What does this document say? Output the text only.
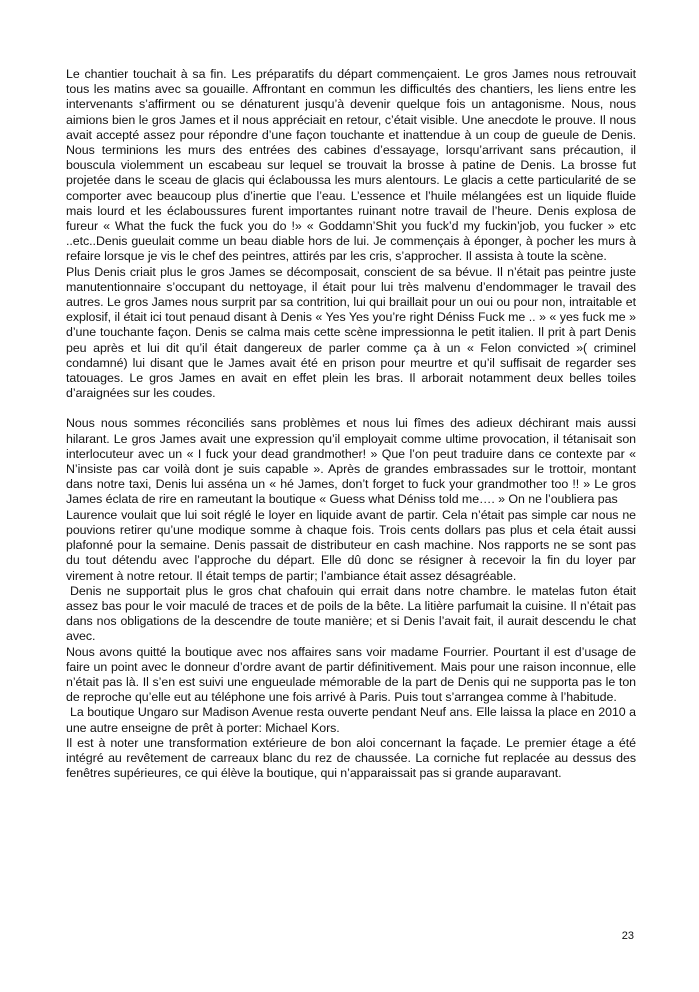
Le chantier touchait à sa fin. Les préparatifs du départ commençaient. Le gros James nous retrouvait tous les matins avec sa gouaille. Affrontant en commun les difficultés des chantiers, les liens entre les intervenants s’affirment ou se dénaturent jusqu’à devenir quelque fois un antagonisme. Nous, nous aimions bien le gros James et il nous appréciait en retour, c’était visible. Une anecdote le prouve. Il nous avait accepté assez pour répondre d’une façon touchante et inattendue à un coup de gueule de Denis. Nous terminions les murs des entrées des cabines d’essayage, lorsqu’arrivant sans précaution, il bouscula violemment un escabeau sur lequel se trouvait la brosse à patine de Denis. La brosse fut projetée dans le sceau de glacis qui éclaboussa les murs alentours. Le glacis a cette particularité de se comporter avec beaucoup plus d’inertie que l’eau. L’essence et l’huile mélangées est un liquide fluide mais lourd et les éclaboussures furent importantes ruinant notre travail de l’heure. Denis explosa de fureur « What the fuck the fuck you do !» « Goddamn’Shit you fuck’d my fuckin’job, you fucker » etc ..etc..Denis gueulait comme un beau diable hors de lui. Je commençais à éponger, à pocher les murs à refaire lorsque je vis le chef des peintres, attirés par les cris, s’approcher. Il assista à toute la scène.

Plus Denis criait plus le gros James se décomposait, conscient de sa bévue. Il n’était pas peintre juste manutentionnaire s’occupant du nettoyage, il était pour lui très malvenu d’endommager le travail des autres. Le gros James nous surprit par sa contrition, lui qui braillait pour un oui ou pour non, intraitable et explosif, il était ici tout penaud disant à Denis « Yes Yes you’re right Déniss Fuck me .. » « yes fuck me » d’une touchante façon. Denis se calma mais cette scène impressionna le petit italien. Il prit à part Denis peu après et lui dit qu’il était dangereux de parler comme ça à un « Felon convicted »( criminel condamné) lui disant que le James avait été en prison pour meurtre et qu’il suffisait de regarder ses tatouages. Le gros James en avait en effet plein les bras. Il arborait notamment deux belles toiles d’araignées sur les coudes.

Nous nous sommes réconciliés sans problèmes et nous lui fîmes des adieux déchirant mais aussi hilarant. Le gros James avait une expression qu’il employait comme ultime provocation, il tétanisait son interlocuteur avec un « I fuck your dead grandmother! » Que l’on peut traduire dans ce contexte par « N’insiste pas car voilà dont je suis capable ». Après de grandes embrassades sur le trottoir, montant dans notre taxi, Denis lui asséna un « hé James, don’t forget to fuck your grandmother too !! » Le gros James éclata de rire en rameutant la boutique « Guess what Déniss told me…. » On ne l’oubliera pas

Laurence voulait que lui soit réglé le loyer en liquide avant de partir. Cela n’était pas simple car nous ne pouvions retirer qu’une modique somme à chaque fois. Trois cents dollars pas plus et cela était aussi plafonné pour la semaine. Denis passait de distributeur en cash machine. Nos rapports ne se sont pas du tout détendu avec l’approche du départ. Elle dû donc se résigner à recevoir la fin du loyer par virement à notre retour. Il était temps de partir; l’ambiance était assez désagréable.

Denis ne supportait plus le gros chat chafouin qui errait dans notre chambre. le matelas futon était assez bas pour le voir maculé de traces et de poils de la bête. La litière parfumait la cuisine. Il n’était pas dans nos obligations de la descendre de toute manière; et si Denis l’avait fait, il aurait descendu le chat avec.

Nous avons quitté la boutique avec nos affaires sans voir madame Fourrier. Pourtant il est d’usage de faire un point avec le donneur d’ordre avant de partir définitivement. Mais pour une raison inconnue, elle n’était pas là. Il s’en est suivi une engueulade mémorable de la part de Denis qui ne supporta pas le ton de reproche qu’elle eut au téléphone une fois arrivé à Paris. Puis tout s’arrangea comme à l’habitude.

La boutique Ungaro sur Madison Avenue resta ouverte pendant Neuf ans. Elle laissa la place en 2010 a une autre enseigne de prêt à porter: Michael Kors.

Il est à noter une transformation extérieure de bon aloi concernant la façade. Le premier étage a été intégré au revêtement de carreaux blanc du rez de chaussée. La corniche fut replacée au dessus des fenêtres supérieures, ce qui élève la boutique, qui n’apparaissait pas si grande auparavant.

23
